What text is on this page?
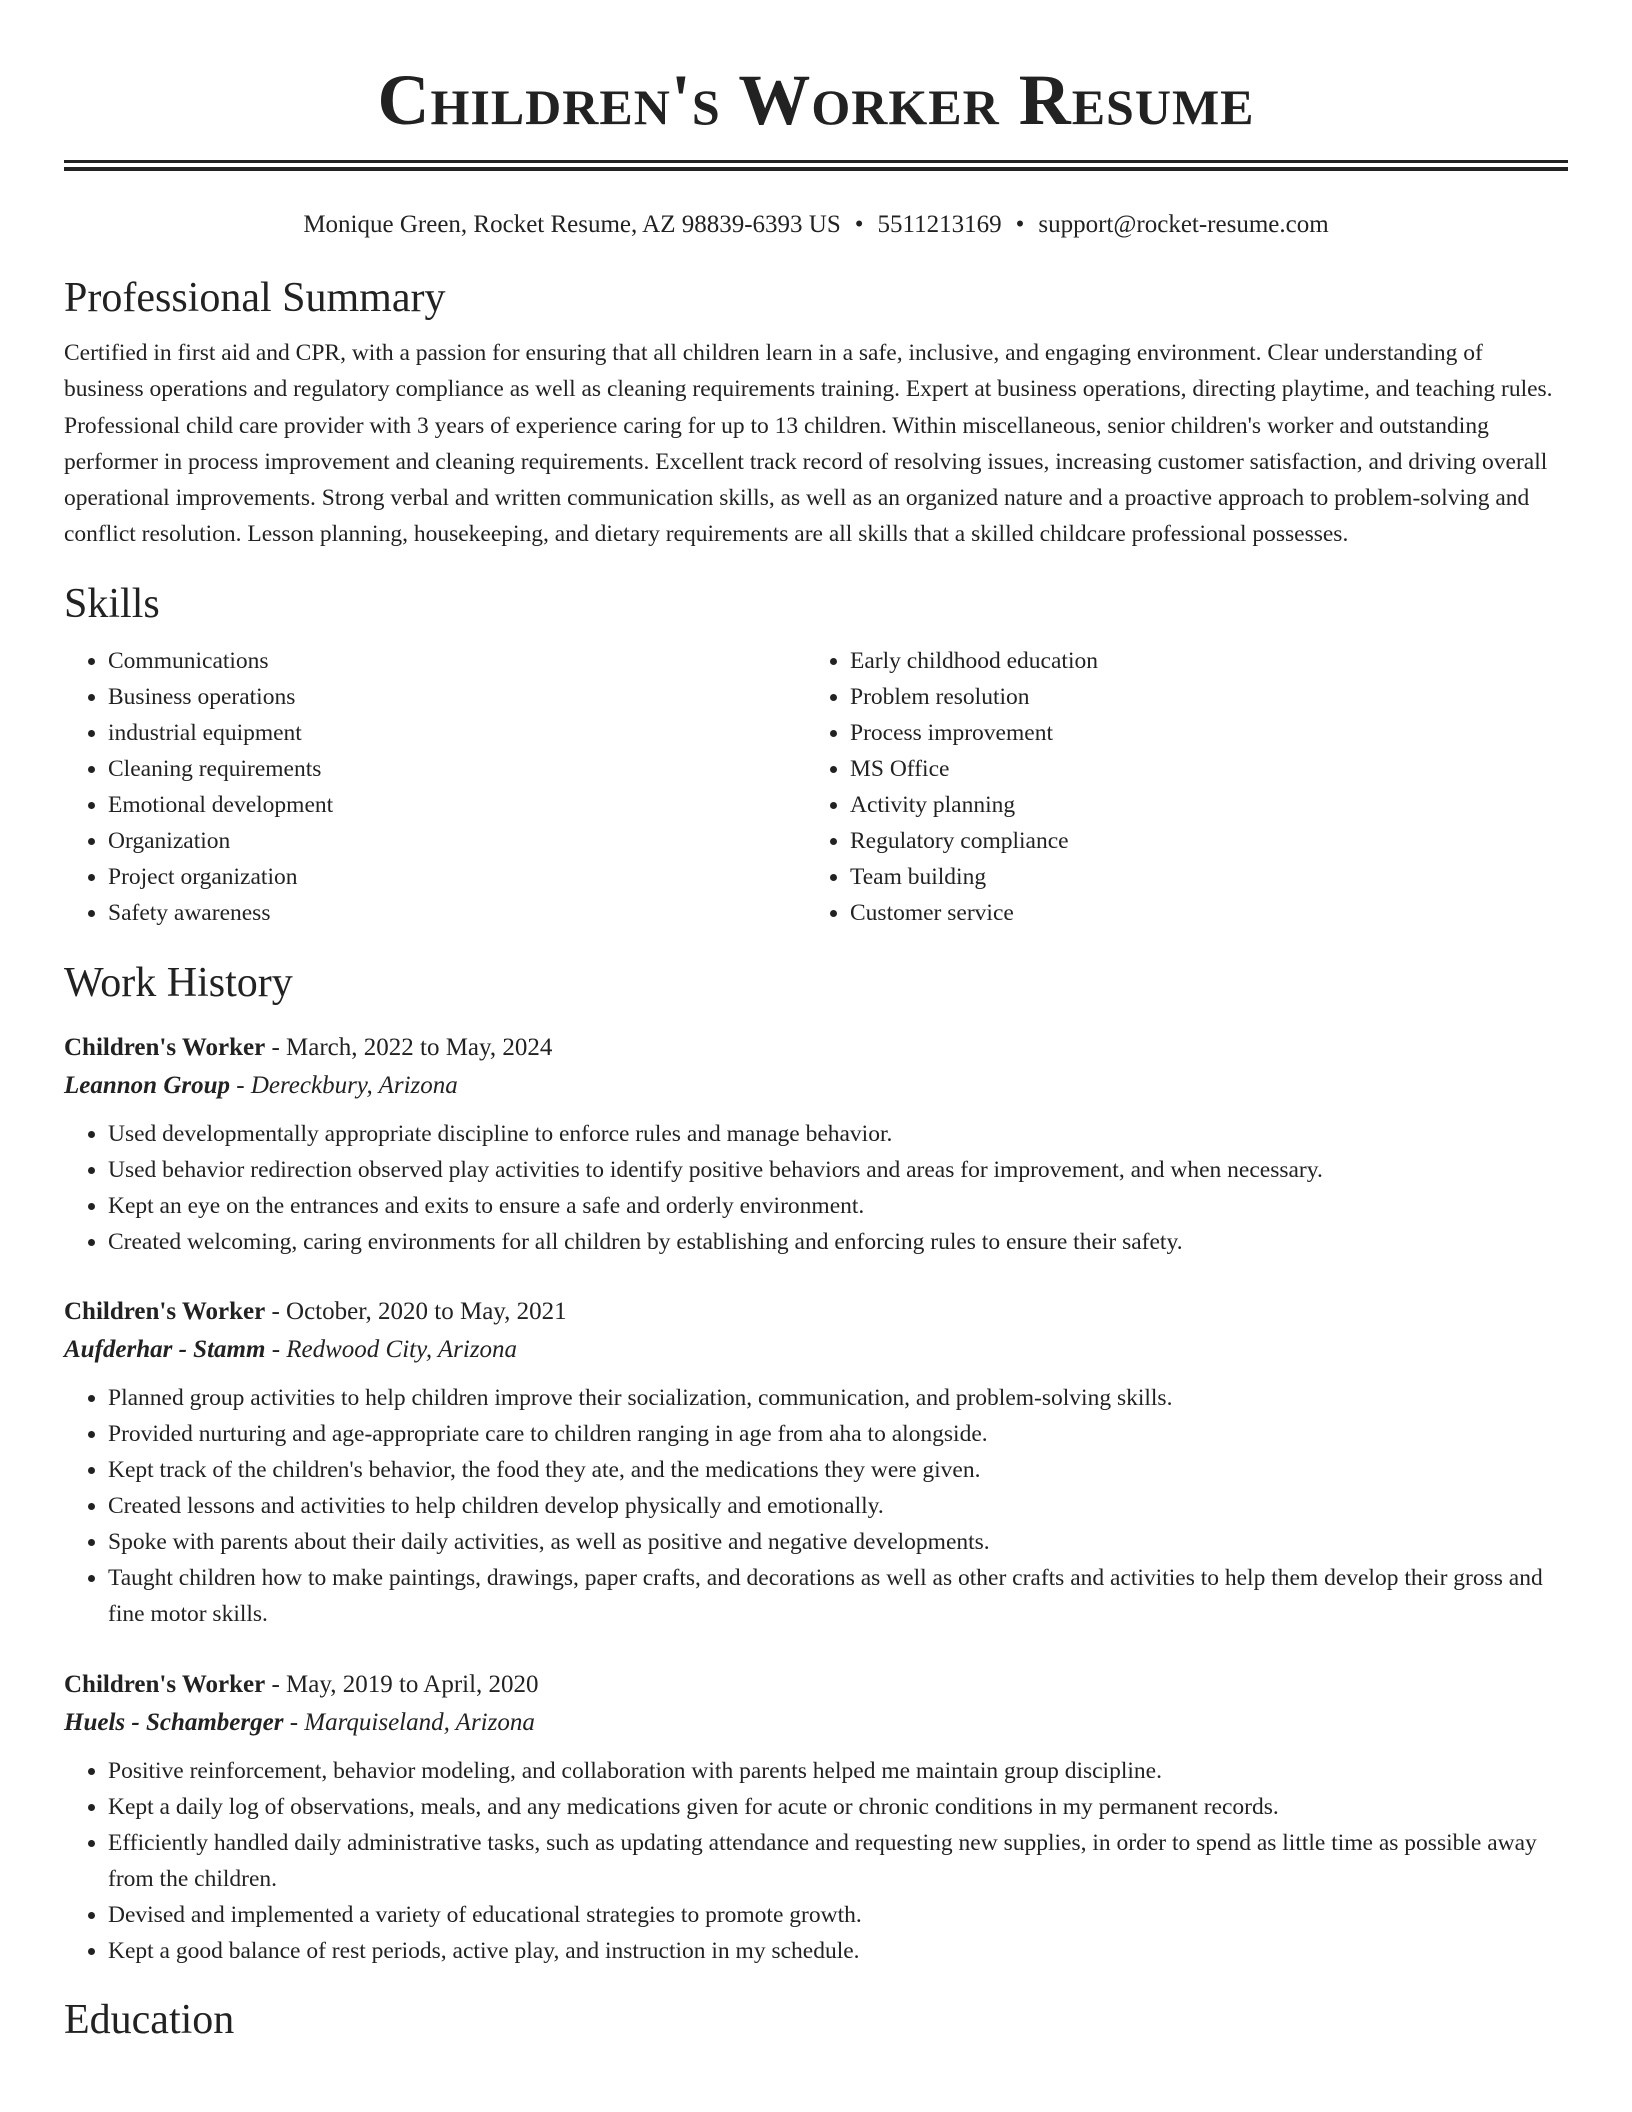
Children's Worker Resume
Monique Green, Rocket Resume, AZ 98839-6393 US • 5511213169 • support@rocket-resume.com
Professional Summary
Certified in first aid and CPR, with a passion for ensuring that all children learn in a safe, inclusive, and engaging environment. Clear understanding of business operations and regulatory compliance as well as cleaning requirements training. Expert at business operations, directing playtime, and teaching rules. Professional child care provider with 3 years of experience caring for up to 13 children. Within miscellaneous, senior children's worker and outstanding performer in process improvement and cleaning requirements. Excellent track record of resolving issues, increasing customer satisfaction, and driving overall operational improvements. Strong verbal and written communication skills, as well as an organized nature and a proactive approach to problem-solving and conflict resolution. Lesson planning, housekeeping, and dietary requirements are all skills that a skilled childcare professional possesses.
Skills
• Communications
• Business operations
• industrial equipment
• Cleaning requirements
• Emotional development
• Organization
• Project organization
• Safety awareness
• Early childhood education
• Problem resolution
• Process improvement
• MS Office
• Activity planning
• Regulatory compliance
• Team building
• Customer service
Work History
Children's Worker - March, 2022 to May, 2024
Leannon Group - Dereckbury, Arizona
• Used developmentally appropriate discipline to enforce rules and manage behavior.
• Used behavior redirection observed play activities to identify positive behaviors and areas for improvement, and when necessary.
• Kept an eye on the entrances and exits to ensure a safe and orderly environment.
• Created welcoming, caring environments for all children by establishing and enforcing rules to ensure their safety.
Children's Worker - October, 2020 to May, 2021
Aufderhar - Stamm - Redwood City, Arizona
• Planned group activities to help children improve their socialization, communication, and problem-solving skills.
• Provided nurturing and age-appropriate care to children ranging in age from aha to alongside.
• Kept track of the children's behavior, the food they ate, and the medications they were given.
• Created lessons and activities to help children develop physically and emotionally.
• Spoke with parents about their daily activities, as well as positive and negative developments.
• Taught children how to make paintings, drawings, paper crafts, and decorations as well as other crafts and activities to help them develop their gross and fine motor skills.
Children's Worker - May, 2019 to April, 2020
Huels - Schamberger - Marquiseland, Arizona
• Positive reinforcement, behavior modeling, and collaboration with parents helped me maintain group discipline.
• Kept a daily log of observations, meals, and any medications given for acute or chronic conditions in my permanent records.
• Efficiently handled daily administrative tasks, such as updating attendance and requesting new supplies, in order to spend as little time as possible away from the children.
• Devised and implemented a variety of educational strategies to promote growth.
• Kept a good balance of rest periods, active play, and instruction in my schedule.
Education
